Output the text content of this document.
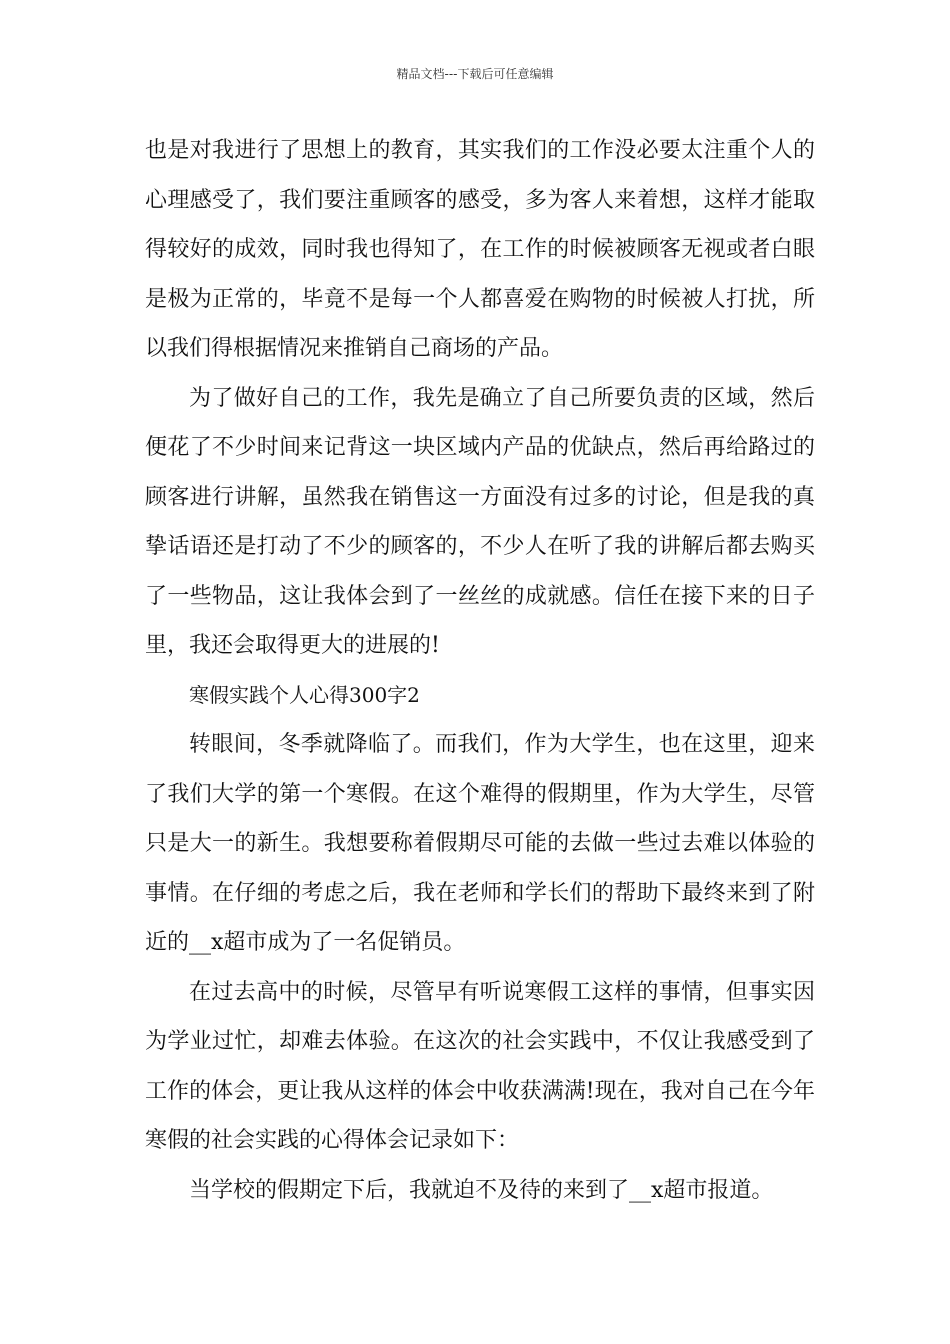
精品文档---下载后可任意编辑

也是对我进行了思想上的教育，其实我们的工作没必要太注重个人的心理感受了，我们要注重顾客的感受，多为客人来着想，这样才能取得较好的成效，同时我也得知了，在工作的时候被顾客无视或者白眼是极为正常的，毕竟不是每一个人都喜爱在购物的时候被人打扰，所以我们得根据情况来推销自己商场的产品。

为了做好自己的工作，我先是确立了自己所要负责的区域，然后便花了不少时间来记背这一块区域内产品的优缺点，然后再给路过的顾客进行讲解，虽然我在销售这一方面没有过多的讨论，但是我的真挚话语还是打动了不少的顾客的，不少人在听了我的讲解后都去购买了一些物品，这让我体会到了一丝丝的成就感。信任在接下来的日子里，我还会取得更大的进展的!

寒假实践个人心得300字2

转眼间，冬季就降临了。而我们，作为大学生，也在这里，迎来了我们大学的第一个寒假。在这个难得的假期里，作为大学生，尽管只是大一的新生。我想要称着假期尽可能的去做一些过去难以体验的事情。在仔细的考虑之后，我在老师和学长们的帮助下最终来到了附近的__x超市成为了一名促销员。

在过去高中的时候，尽管早有听说寒假工这样的事情，但事实因为学业过忙，却难去体验。在这次的社会实践中，不仅让我感受到了工作的体会，更让我从这样的体会中收获满满!现在，我对自己在今年寒假的社会实践的心得体会记录如下：

当学校的假期定下后，我就迫不及待的来到了__x超市报道。
